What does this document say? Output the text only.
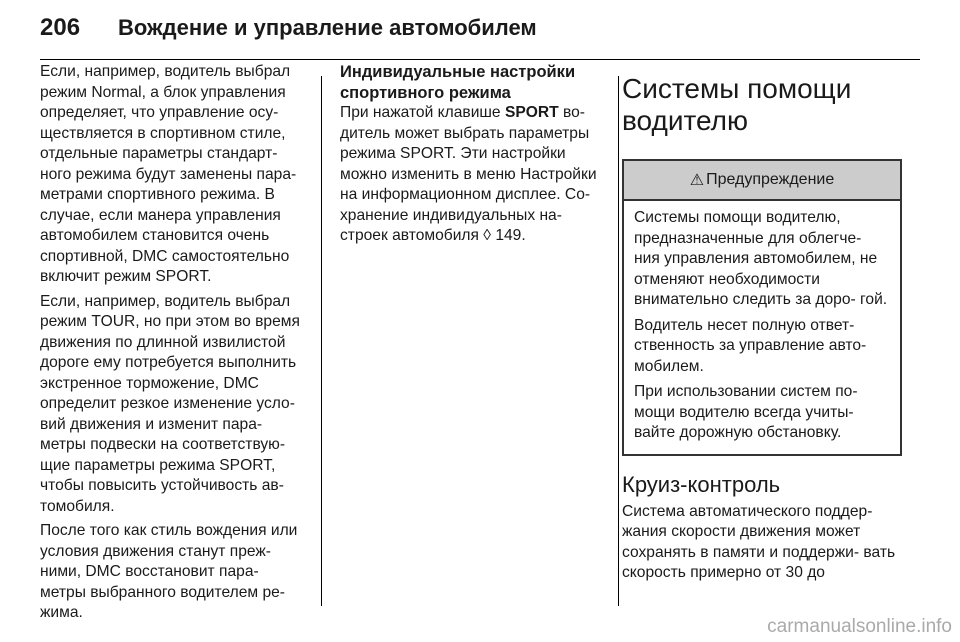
206	Вождение и управление автомобилем

Если, например, водитель выбрал режим Normal, а блок управления определяет, что управление осу- ществляется в спортивном стиле, отдельные параметры стандарт- ного режима будут заменены пара- метрами спортивного режима. В случае, если манера управления автомобилем становится очень спортивной, DMC самостоятельно включит режим SPORT.

Если, например, водитель выбрал режим TOUR, но при этом во время движения по длинной извилистой дороге ему потребуется выполнить экстренное торможение, DMC определит резкое изменение усло- вий движения и изменит пара- метры подвески на соответствую- щие параметры режима SPORT, чтобы повысить устойчивость ав- томобиля.

После того как стиль вождения или условия движения станут преж- ними, DMC восстановит пара- метры выбранного водителем ре- жима.

Индивидуальные настройки спортивного режима

При нажатой клавише SPORT во- дитель может выбрать параметры режима SPORT. Эти настройки можно изменить в меню Настройки на информационном дисплее. Со- хранение индивидуальных на- строек автомобиля ◊ 149.

Системы помощи водителю
⚠ Предупреждение

Системы помощи водителю, предназначенные для облегче- ния управления автомобилем, не отменяют необходимости внимательно следить за доро- гой.

Водитель несет полную ответ- ственность за управление авто- мобилем.

При использовании систем по- мощи водителю всегда учиты- вайте дорожную обстановку.

Круиз-контроль

Система автоматического поддер- жания скорости движения может сохранять в памяти и поддержи- вать скорость примерно от 30 до

carmanualsonline.info
